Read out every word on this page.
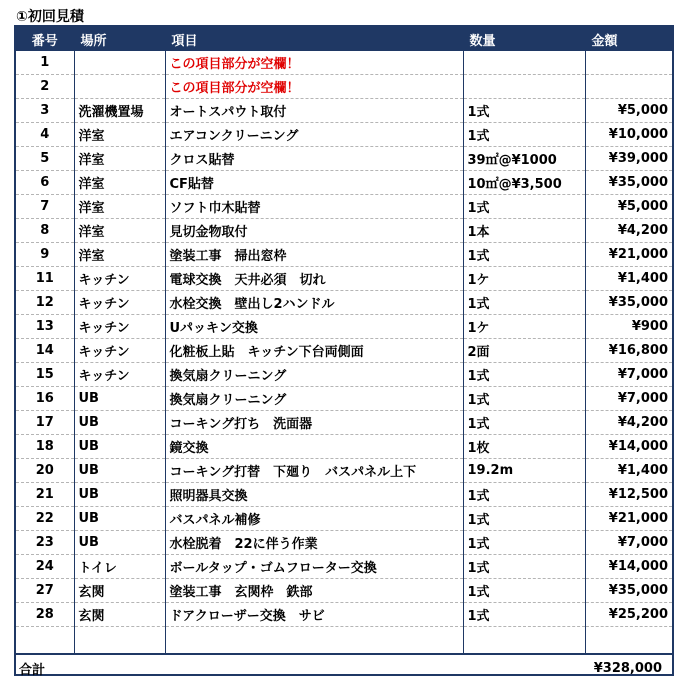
①初回見積
番号	場所	項目	数量	金額
1		この項目部分が空欄！		
2		この項目部分が空欄！		
3	洗濯機置場	オートスパウト取付	1式	¥5,000
4	洋室	エアコンクリーニング	1式	¥10,000
5	洋室	クロス貼替	39㎡@¥1000	¥39,000
6	洋室	CF貼替	10㎡@¥3,500	¥35,000
7	洋室	ソフト巾木貼替	1式	¥5,000
8	洋室	見切金物取付	1本	¥4,200
9	洋室	塗装工事　掃出窓枠	1式	¥21,000
11	キッチン	電球交換　天井必須　切れ	1ケ	¥1,400
12	キッチン	水栓交換　壁出し2ハンドル	1式	¥35,000
13	キッチン	Uパッキン交換	1ケ	¥900
14	キッチン	化粧板上貼　キッチン下台両側面	2面	¥16,800
15	キッチン	換気扇クリーニング	1式	¥7,000
16	UB	換気扇クリーニング	1式	¥7,000
17	UB	コーキング打ち　洗面器	1式	¥4,200
18	UB	鏡交換	1枚	¥14,000
20	UB	コーキング打替　下廻り　バスパネル上下	19.2m	¥1,400
21	UB	照明器具交換	1式	¥12,500
22	UB	バスパネル補修	1式	¥21,000
23	UB	水栓脱着　22に伴う作業	1式	¥7,000
24	トイレ	ボールタップ・ゴムフローター交換	1式	¥14,000
27	玄関	塗装工事　玄関枠　鉄部	1式	¥35,000
28	玄関	ドアクローザー交換　サビ	1式	¥25,200

合計			¥328,000	
